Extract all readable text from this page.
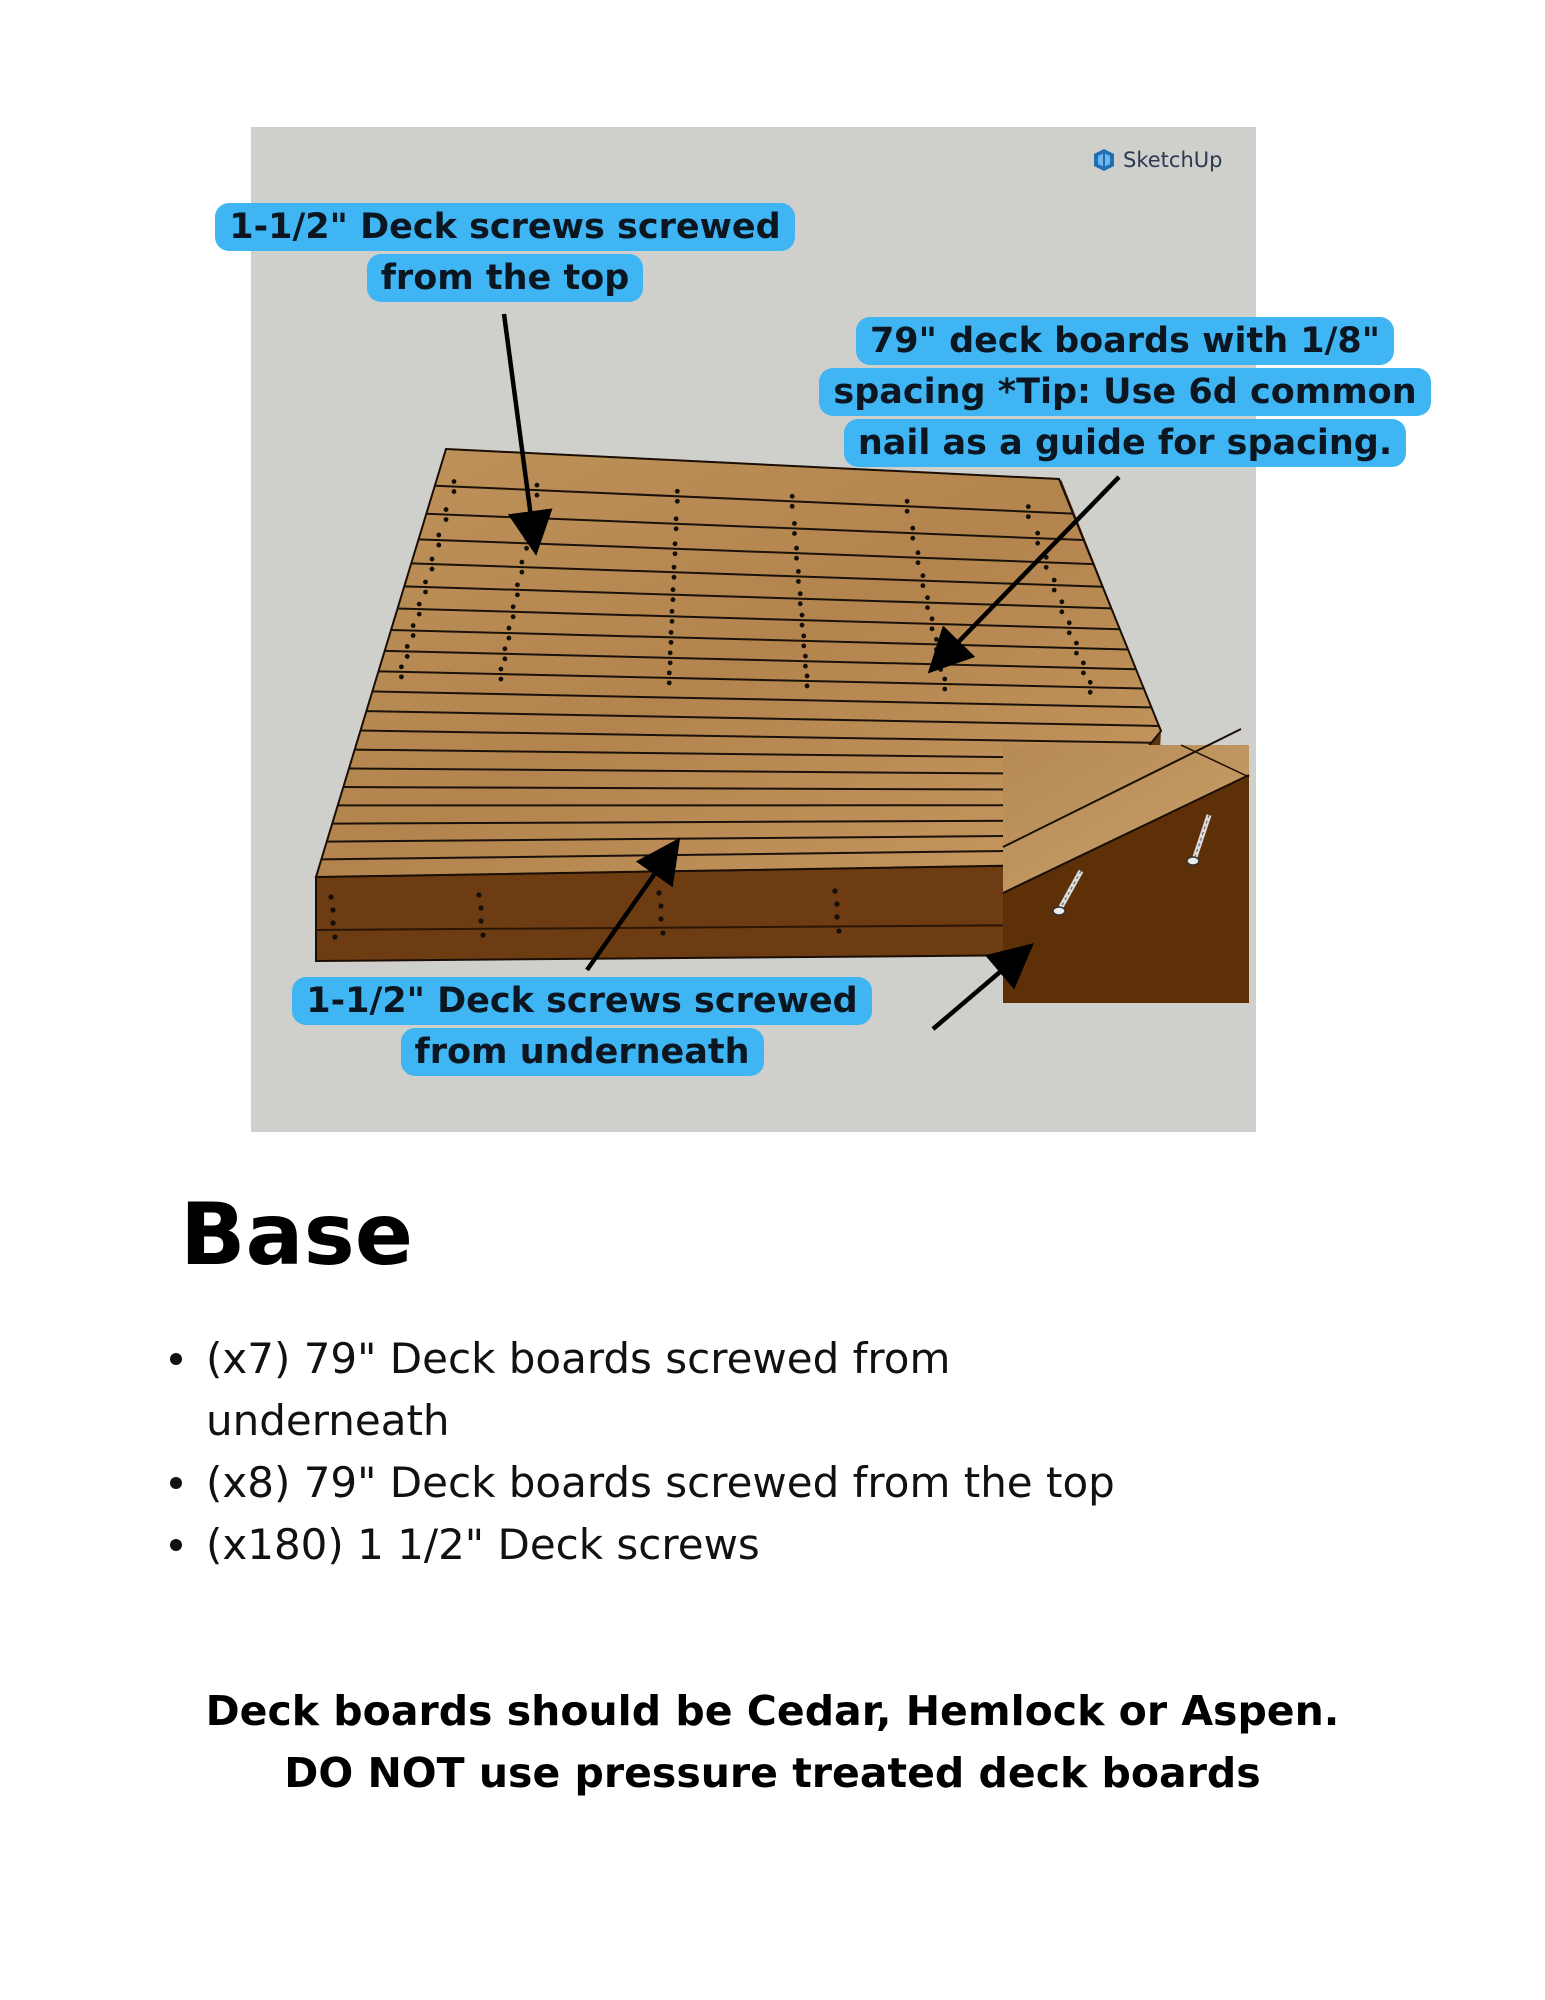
SketchUp
1-1/2" Deck screws screwed from the top
79" deck boards with 1/8" spacing *Tip: Use 6d common nail as a guide for spacing.
1-1/2" Deck screws screwed from underneath
Base
(x7) 79" Deck boards screwed from underneath
(x8) 79" Deck boards screwed from the top
(x180) 1 1/2" Deck screws
Deck boards should be Cedar, Hemlock or Aspen.
DO NOT use pressure treated deck boards
